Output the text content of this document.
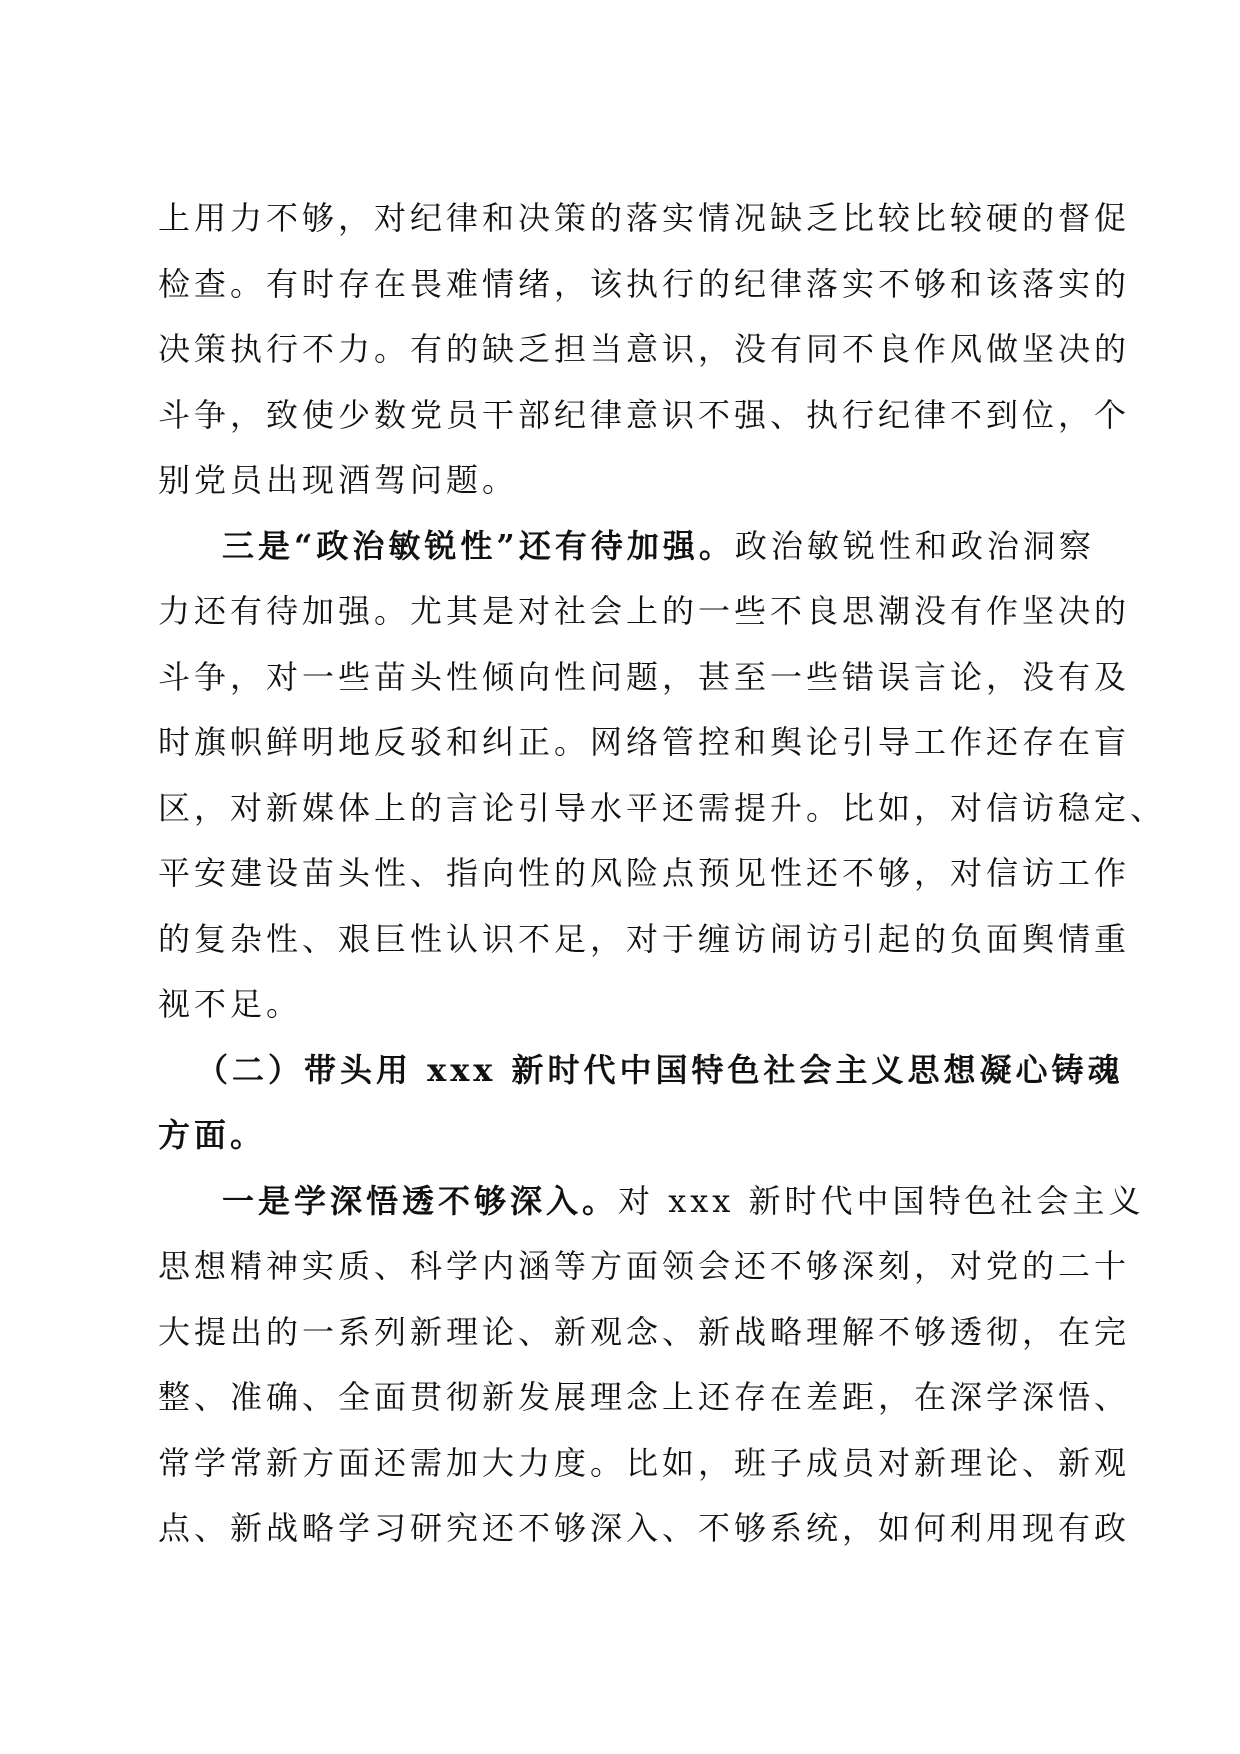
上用力不够，对纪律和决策的落实情况缺乏比较比较硬的督促
检查。有时存在畏难情绪，该执行的纪律落实不够和该落实的
决策执行不力。有的缺乏担当意识，没有同不良作风做坚决的
斗争，致使少数党员干部纪律意识不强、执行纪律不到位，个
别党员出现酒驾问题。
三是“政治敏锐性”还有待加强。政治敏锐性和政治洞察
力还有待加强。尤其是对社会上的一些不良思潮没有作坚决的
斗争，对一些苗头性倾向性问题，甚至一些错误言论，没有及
时旗帜鲜明地反驳和纠正。网络管控和舆论引导工作还存在盲
区，对新媒体上的言论引导水平还需提升。比如，对信访稳定、
平安建设苗头性、指向性的风险点预见性还不够，对信访工作
的复杂性、艰巨性认识不足，对于缠访闹访引起的负面舆情重
视不足。
（二）带头用 xxx 新时代中国特色社会主义思想凝心铸魂
方面。
一是学深悟透不够深入。对 xxx 新时代中国特色社会主义
思想精神实质、科学内涵等方面领会还不够深刻，对党的二十
大提出的一系列新理论、新观念、新战略理解不够透彻，在完
整、准确、全面贯彻新发展理念上还存在差距，在深学深悟、
常学常新方面还需加大力度。比如，班子成员对新理论、新观
点、新战略学习研究还不够深入、不够系统，如何利用现有政
